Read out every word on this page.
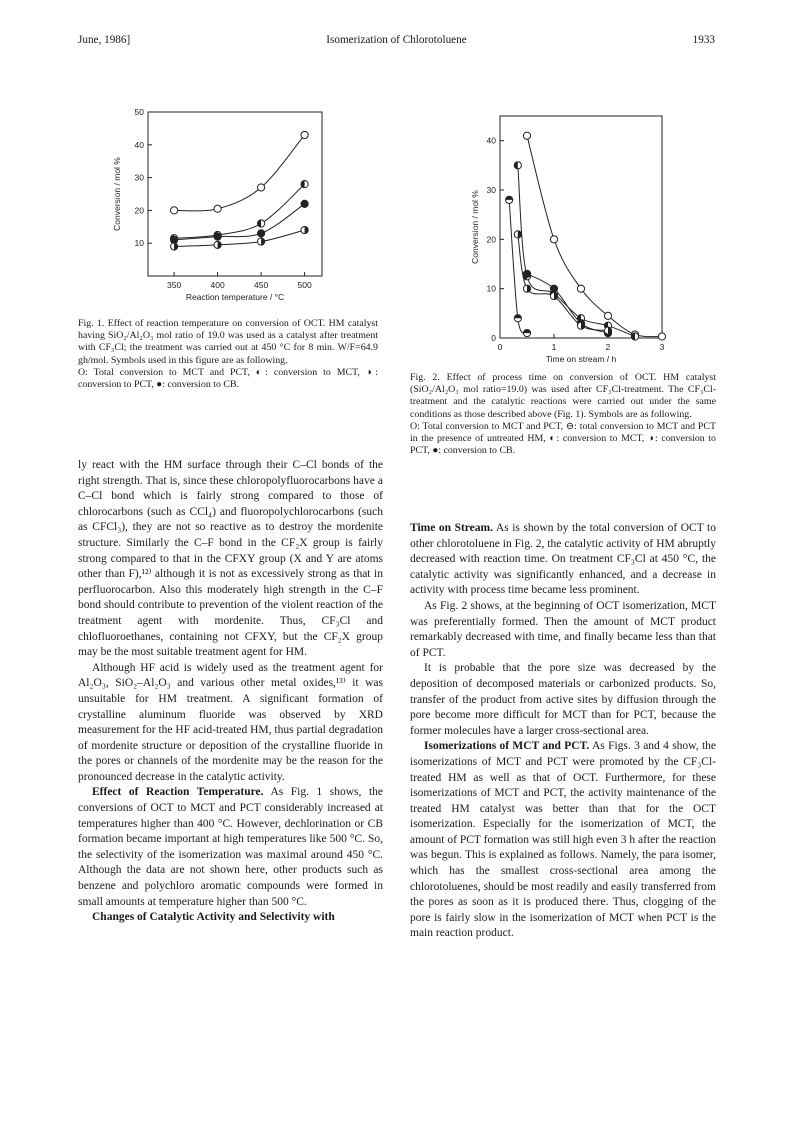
June, 1986]	Isomerization of Chlorotoluene	1933
350	400	450	500
10
20
30
40
50
Reaction temperature / °C
Conversion / mol %

Fig. 1. Effect of reaction temperature on conversion of OCT. HM catalyst having SiO₂/Al₂O₃ mol ratio of 19.0 was used as a catalyst after treatment with CF₃Cl; the treatment was carried out at 450 °C for 8 min. W/F=64.9 gh/mol. Symbols used in this figure are as following.

O: Total conversion to MCT and PCT, ◐: conversion to MCT, ◑: conversion to PCT, ●: conversion to CB.

0	1	2	3
0
10
20
30
40
Time on stream / h
Conversion / mol %

Fig. 2. Effect of process time on conversion of OCT. HM catalyst (SiO₂/Al₂O₃ mol ratio=19.0) was used after CF₃Cl-treatment. The CF₃Cl-treatment and the catalytic reactions were carried out under the same conditions as those described above (Fig. 1). Symbols are as following.

O: Total conversion to MCT and PCT, ⊖: total conversion to MCT and PCT in the presence of untreated HM, ◐: conversion to MCT, ◑: conversion to PCT, ●: conversion to CB.

ly react with the HM surface through their C–Cl bonds of the right strength. That is, since these chloropolyfluorocarbons have a C–Cl bond which is fairly strong compared to those of chlorocarbons (such as CCl₄) and fluoropolychlorocarbons (such as CFCl₃), they are not so reactive as to destroy the mordenite structure. Similarly the C–F bond in the CF₂X group is fairly strong compared to that in the CFXY group (X and Y are atoms other than F),¹²⁾ although it is not as excessively strong as that in perfluorocarbon. Also this moderately high strength in the C–F bond should contribute to prevention of the violent reaction of the treatment agent with mordenite. Thus, CF₃Cl and chlofluoroethanes, containing not CFXY, but the CF₂X group may be the most suitable treatment agent for HM.

Although HF acid is widely used as the treatment agent for Al₂O₃, SiO₂–Al₂O₃ and various other metal oxides,¹³⁾ it was unsuitable for HM treatment. A significant formation of crystalline aluminum fluoride was observed by XRD measurement for the HF acid-treated HM, thus partial degradation of mordenite structure or deposition of the crystalline fluoride in the pores or channels of the mordenite may be the reason for the pronounced decrease in the catalytic activity.

Effect of Reaction Temperature. As Fig. 1 shows, the conversions of OCT to MCT and PCT considerably increased at temperatures higher than 400 °C. However, dechlorination or CB formation became important at high temperatures like 500 °C. So, the selectivity of the isomerization was maximal around 450 °C. Although the data are not shown here, other products such as benzene and polychloro aromatic compounds were formed in small amounts at temperature higher than 500 °C.

Changes of Catalytic Activity and Selectivity with

Time on Stream. As is shown by the total conversion of OCT to other chlorotoluene in Fig. 2, the catalytic activity of HM abruptly decreased with reaction time. On treatment CF₃Cl at 450 °C, the catalytic activity was significantly enhanced, and a decrease in activity with process time became less prominent.

As Fig. 2 shows, at the beginning of OCT isomerization, MCT was preferentially formed. Then the amount of MCT product remarkably decreased with time, and finally became less than that of PCT.

It is probable that the pore size was decreased by the deposition of decomposed materials or carbonized products. So, transfer of the product from active sites by diffusion through the pore become more difficult for MCT than for PCT, because the former molecules have a larger cross-sectional area.

Isomerizations of MCT and PCT. As Figs. 3 and 4 show, the isomerizations of MCT and PCT were promoted by the CF₃Cl-treated HM as well as that of OCT. Furthermore, for these isomerizations of MCT and PCT, the activity maintenance of the treated HM catalyst was better than that for the OCT isomerization. Especially for the isomerization of MCT, the amount of PCT formation was still high even 3 h after the reaction was begun. This is explained as follows. Namely, the para isomer, which has the smallest cross-sectional area among the chlorotoluenes, should be most readily and easily transferred from the pores as soon as it is produced there. Thus, clogging of the pore is fairly slow in the isomerization of MCT when PCT is the main reaction product.
